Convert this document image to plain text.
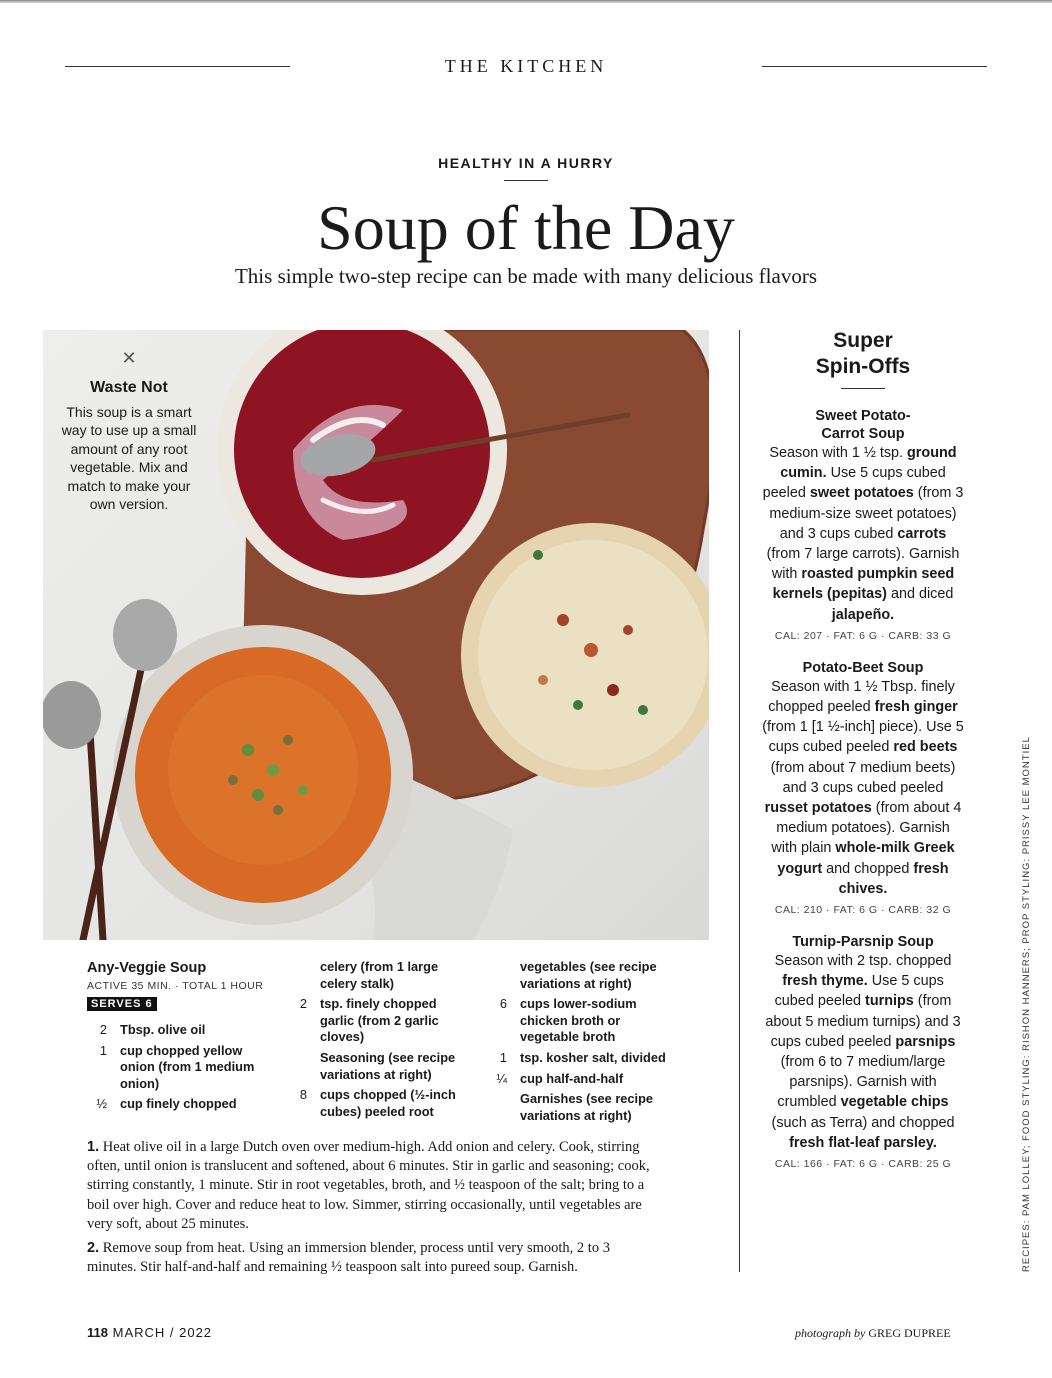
THE KITCHEN
HEALTHY IN A HURRY
Soup of the Day
This simple two-step recipe can be made with many delicious flavors
✕
Waste Not

This soup is a smart way to use up a small amount of any root vegetable. Mix and match to make your own version.

Super
Spin-Offs
Sweet Potato-
Carrot Soup

Season with 1 ½ tsp. ground cumin. Use 5 cups cubed peeled sweet potatoes (from 3 medium-size sweet potatoes) and 3 cups cubed carrots (from 7 large carrots). Garnish with roasted pumpkin seed kernels (pepitas) and diced jalapeño.

CAL: 207 · FAT: 6 G · CARB: 33 G
Potato-Beet Soup

Season with 1 ½ Tbsp. finely chopped peeled fresh ginger (from 1 [1 ½-inch] piece). Use 5 cups cubed peeled red beets (from about 7 medium beets) and 3 cups cubed peeled russet potatoes (from about 4 medium potatoes). Garnish with plain whole-milk Greek yogurt and chopped fresh chives.

CAL: 210 · FAT: 6 G · CARB: 32 G
Turnip-Parsnip Soup

Season with 2 tsp. chopped fresh thyme. Use 5 cups cubed peeled turnips (from about 5 medium turnips) and 3 cups cubed peeled parsnips (from 6 to 7 medium/large parsnips). Garnish with crumbled vegetable chips (such as Terra) and chopped fresh flat-leaf parsley.

CAL: 166 · FAT: 6 G · CARB: 25 G	RECIPES: PAM LOLLEY; FOOD STYLING: RISHON HANNERS; PROP STYLING: PRISSY LEE MONTIEL
Any-Veggie Soup
ACTIVE 35 MIN. · TOTAL 1 HOUR
SERVES 6
2 Tbsp. olive oil
1 cup chopped yellow onion (from 1 medium onion)
½ cup finely chopped
celery (from 1 large celery stalk)
2 tsp. finely chopped garlic (from 2 garlic cloves)
Seasoning (see recipe variations at right)
8 cups chopped (½-inch cubes) peeled root
vegetables (see recipe variations at right)
6 cups lower-sodium chicken broth or vegetable broth
1 tsp. kosher salt, divided
¼ cup half-and-half
Garnishes (see recipe variations at right)
1. Heat olive oil in a large Dutch oven over medium-high. Add onion and celery. Cook, stirring often, until onion is translucent and softened, about 6 minutes. Stir in garlic and seasoning; cook, stirring constantly, 1 minute. Stir in root vegetables, broth, and ½ teaspoon of the salt; bring to a boil over high. Cover and reduce heat to low. Simmer, stirring occasionally, until vegetables are very soft, about 25 minutes.
2. Remove soup from heat. Using an immersion blender, process until very smooth, 2 to 3 minutes. Stir half-and-half and remaining ½ teaspoon salt into pureed soup. Garnish.
118 MARCH / 2022	photograph by GREG DUPREE
